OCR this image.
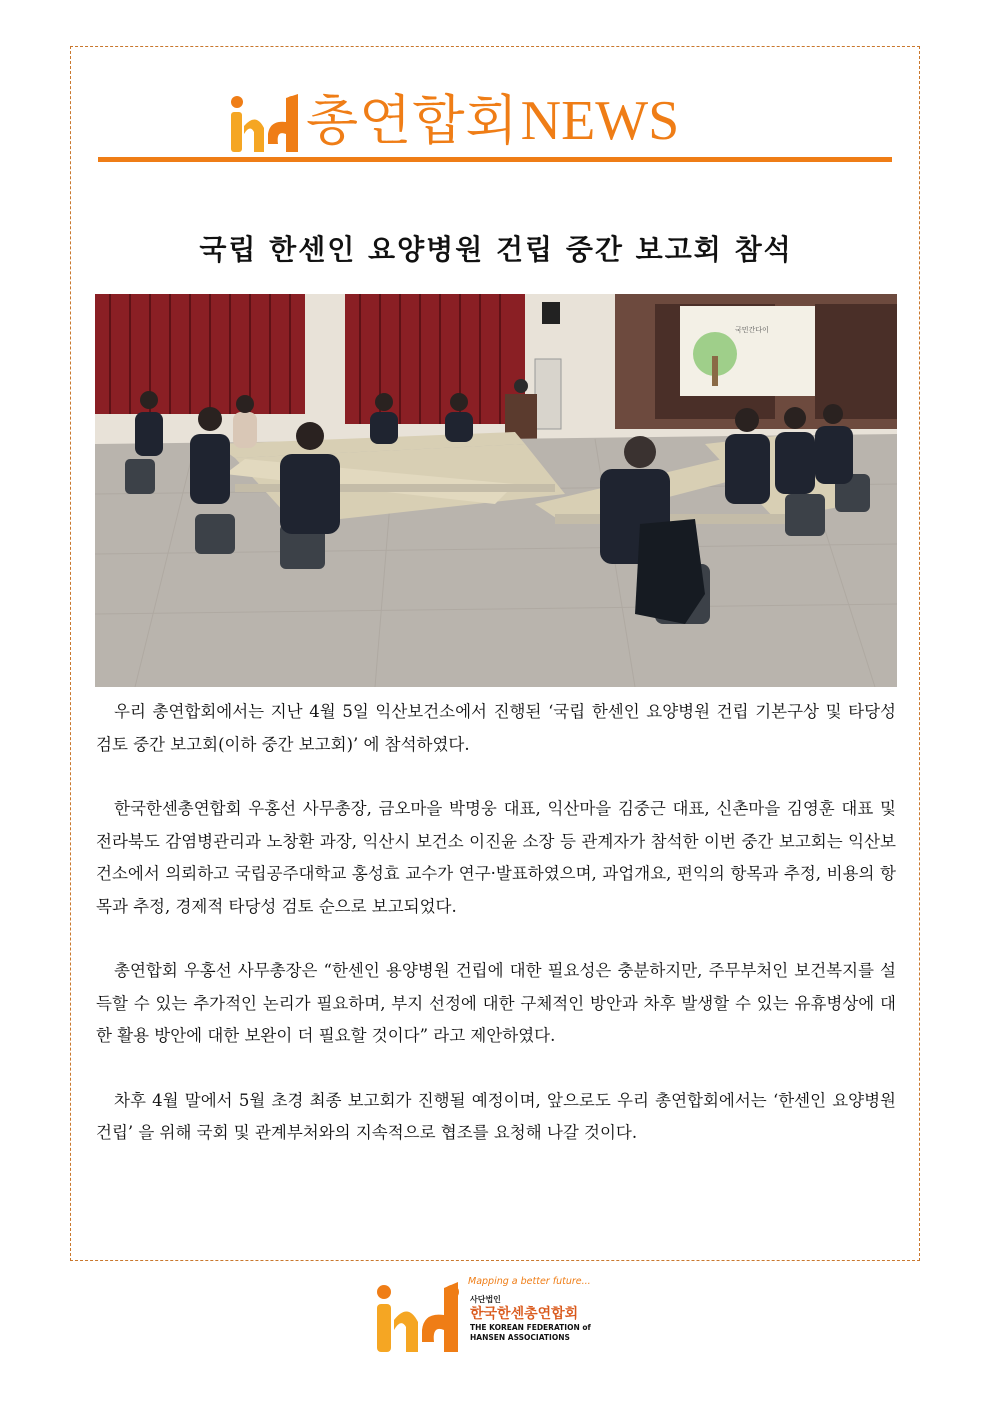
총연합회 NEWS
국립 한센인 요양병원 건립 중간 보고회 참석
국민간다이

우리 총연합회에서는 지난 4월 5일 익산보건소에서 진행된 ‘국립 한센인 요양병원 건립 기본구상 및 타당성 검토 중간 보고회(이하 중간 보고회)’ 에 참석하였다.

한국한센총연합회 우홍선 사무총장, 금오마을 박명웅 대표, 익산마을 김중근 대표, 신촌마을 김영훈 대표 및 전라북도 감염병관리과 노창환 과장, 익산시 보건소 이진윤 소장 등 관계자가 참석한 이번 중간 보고회는 익산보건소에서 의뢰하고 국립공주대학교 홍성효 교수가 연구·발표하였으며, 과업개요, 편익의 항목과 추정, 비용의 항목과 추정, 경제적 타당성 검토 순으로 보고되었다.

총연합회 우홍선 사무총장은 “한센인 용양병원 건립에 대한 필요성은 충분하지만, 주무부처인 보건복지를 설득할 수 있는 추가적인 논리가 필요하며, 부지 선정에 대한 구체적인 방안과 차후 발생할 수 있는 유휴병상에 대한 활용 방안에 대한 보완이 더 필요할 것이다” 라고 제안하였다.

차후 4월 말에서 5월 초경 최종 보고회가 진행될 예정이며, 앞으로도 우리 총연합회에서는 ‘한센인 요양병원 건립’ 을 위해 국회 및 관계부처와의 지속적으로 협조를 요청해 나갈 것이다.

Mapping a better future...
사단법인
한국한센총연합회
THE KOREAN FEDERATION of
HANSEN ASSOCIATIONS
